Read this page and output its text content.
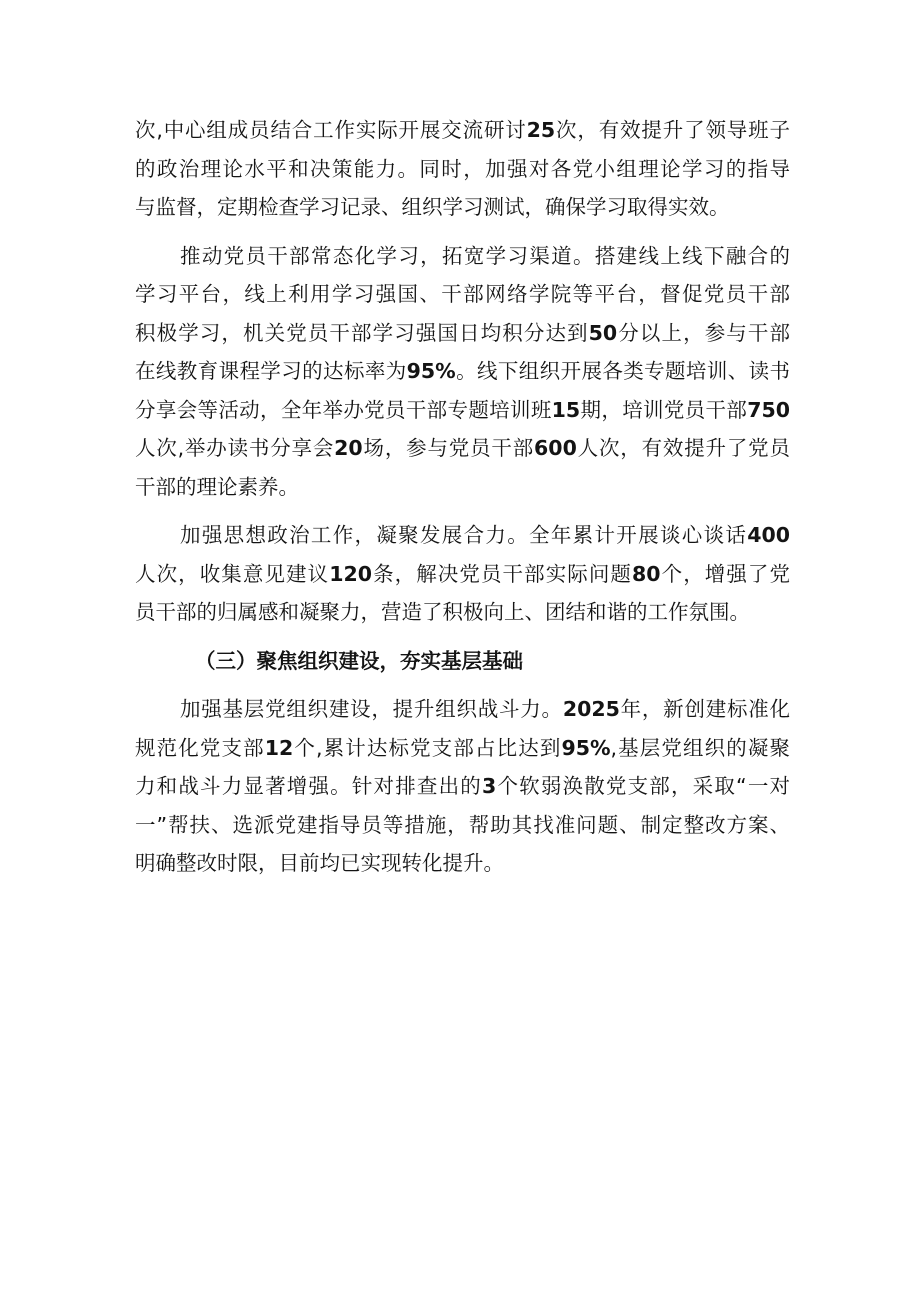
次,中心组成员结合工作实际开展交流研讨25次，有效提升了领导班子
的政治理论水平和决策能力。同时，加强对各党小组理论学习的指导
与监督，定期检查学习记录、组织学习测试，确保学习取得实效。
推动党员干部常态化学习，拓宽学习渠道。搭建线上线下融合的
学习平台，线上利用学习强国、干部网络学院等平台，督促党员干部
积极学习，机关党员干部学习强国日均积分达到50分以上，参与干部
在线教育课程学习的达标率为95%。线下组织开展各类专题培训、读书
分享会等活动，全年举办党员干部专题培训班15期，培训党员干部750
人次,举办读书分享会20场，参与党员干部600人次，有效提升了党员
干部的理论素养。
加强思想政治工作，凝聚发展合力。全年累计开展谈心谈话400
人次，收集意见建议120条，解决党员干部实际问题80个，增强了党
员干部的归属感和凝聚力，营造了积极向上、团结和谐的工作氛围。
（三）聚焦组织建设，夯实基层基础
加强基层党组织建设，提升组织战斗力。2025年，新创建标准化
规范化党支部12个,累计达标党支部占比达到95%,基层党组织的凝聚
力和战斗力显著增强。针对排查出的3个软弱涣散党支部，采取“一对
一”帮扶、选派党建指导员等措施，帮助其找准问题、制定整改方案、
明确整改时限，目前均已实现转化提升。
